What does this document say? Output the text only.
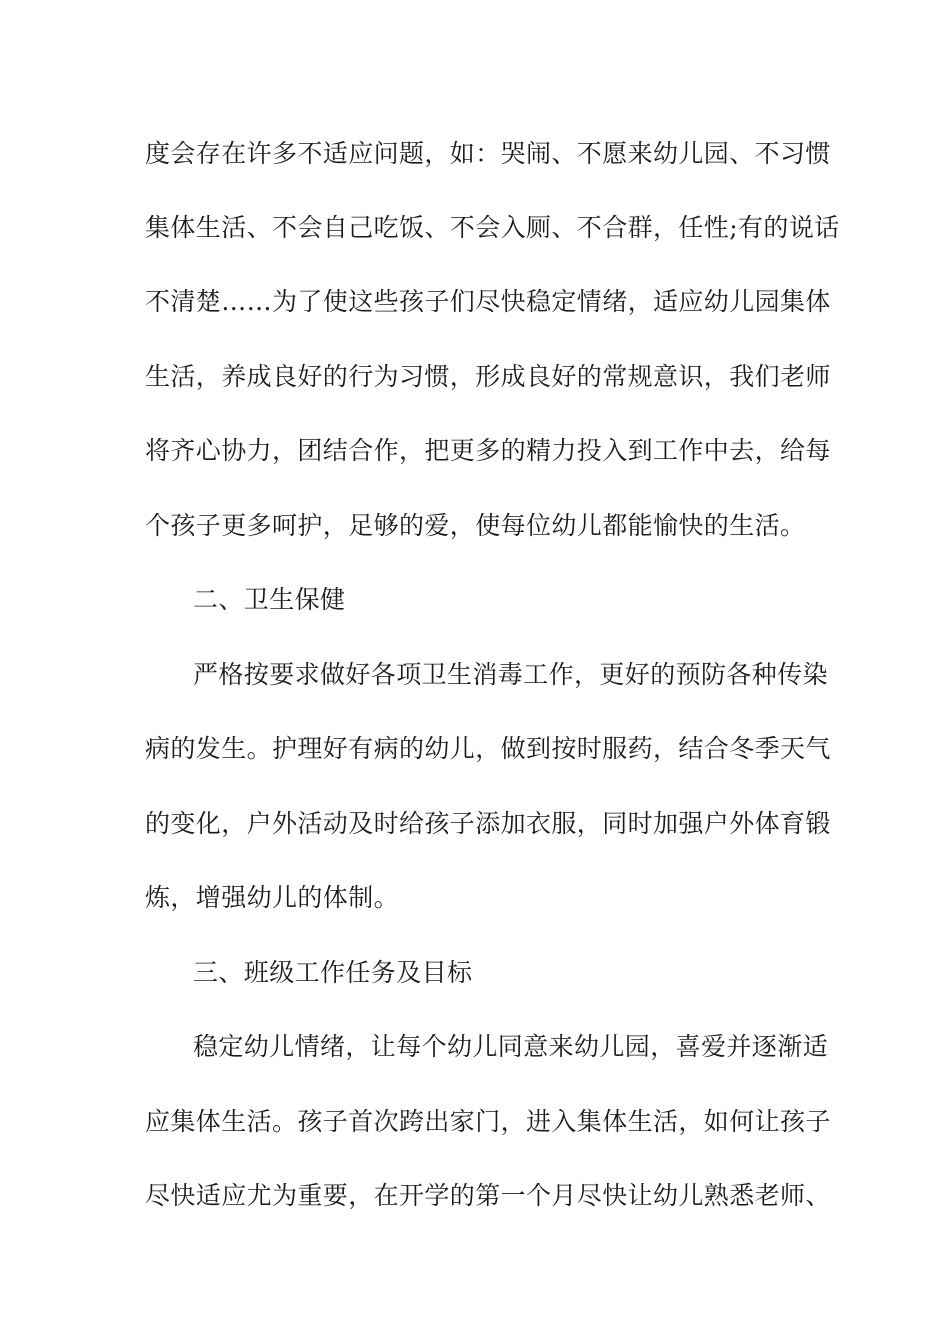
度会存在许多不适应问题，如：哭闹、不愿来幼儿园、不习惯
集体生活、不会自己吃饭、不会入厕、不合群，任性;有的说话
不清楚……为了使这些孩子们尽快稳定情绪，适应幼儿园集体
生活，养成良好的行为习惯，形成良好的常规意识，我们老师
将齐心协力，团结合作，把更多的精力投入到工作中去，给每
个孩子更多呵护，足够的爱，使每位幼儿都能愉快的生活。
二、卫生保健
严格按要求做好各项卫生消毒工作，更好的预防各种传染
病的发生。护理好有病的幼儿，做到按时服药，结合冬季天气
的变化，户外活动及时给孩子添加衣服，同时加强户外体育锻
炼，增强幼儿的体制。
三、班级工作任务及目标
稳定幼儿情绪，让每个幼儿同意来幼儿园，喜爱并逐渐适
应集体生活。孩子首次跨出家门，进入集体生活，如何让孩子
尽快适应尤为重要，在开学的第一个月尽快让幼儿熟悉老师、
